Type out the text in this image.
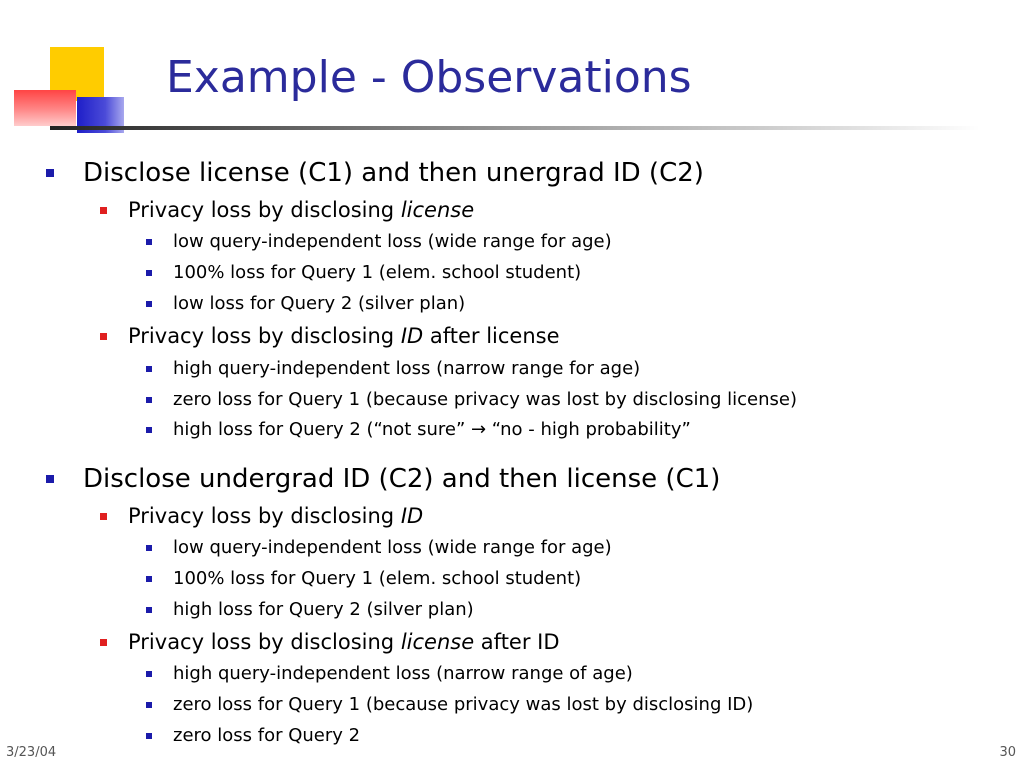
Example - Observations
Disclose license (C1) and then unergrad ID (C2)
Privacy loss by disclosing license
low query-independent loss (wide range for age)
100% loss for Query 1 (elem. school student)
low loss for Query 2 (silver plan)
Privacy loss by disclosing ID after license
high query-independent loss (narrow range for age)
zero loss for Query 1 (because privacy was lost by disclosing license)
high loss for Query 2 (“not sure” → “no - high probability”
Disclose undergrad ID (C2) and then license (C1)
Privacy loss by disclosing ID
low query-independent loss (wide range for age)
100% loss for Query 1 (elem. school student)
high loss for Query 2 (silver plan)
Privacy loss by disclosing license after ID
high query-independent loss (narrow range of age)
zero loss for Query 1 (because privacy was lost by disclosing ID)
zero loss for Query 2
3/23/04	30
